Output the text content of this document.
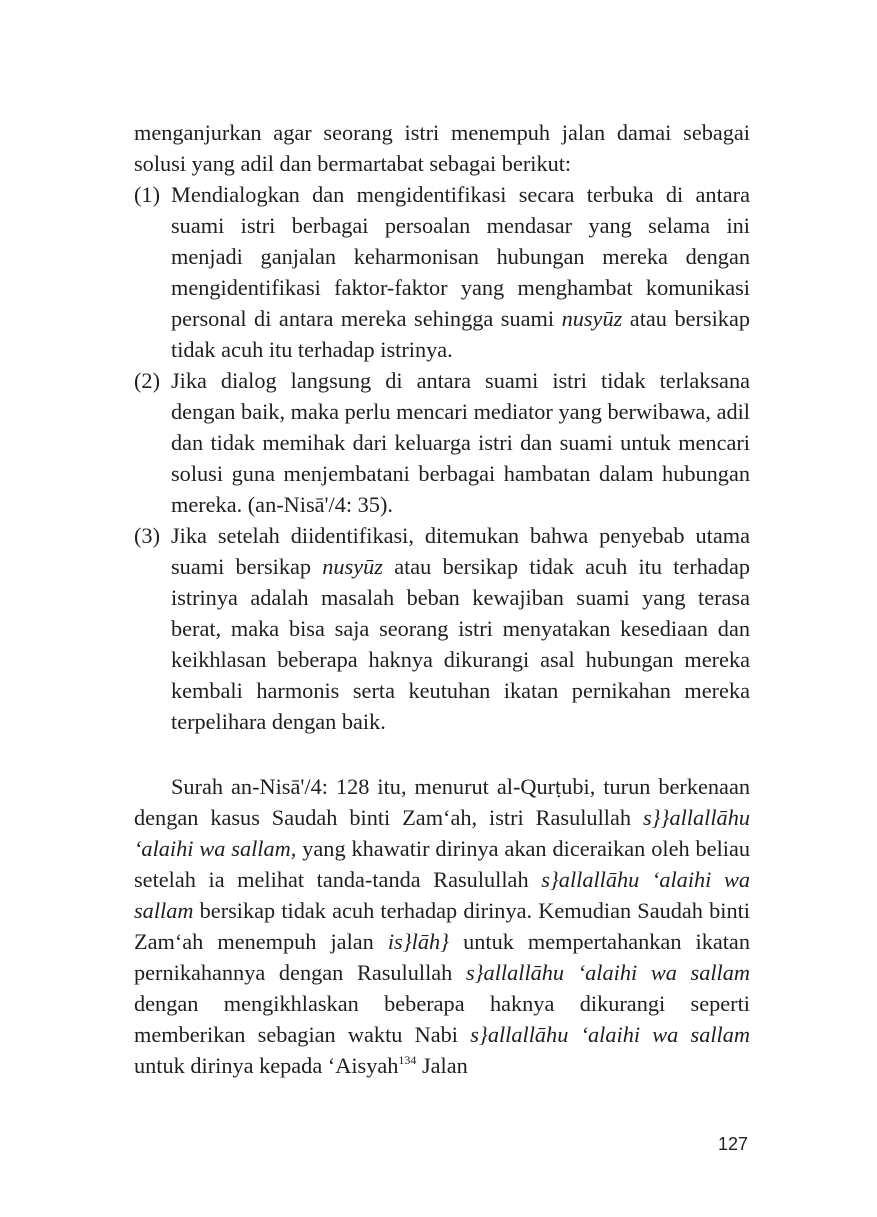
menganjurkan agar seorang istri menempuh jalan damai sebagai solusi yang adil dan bermartabat sebagai berikut:

(1) Mendialogkan dan mengidentifikasi secara terbuka di antara suami istri berbagai persoalan mendasar yang selama ini menjadi ganjalan keharmonisan hubungan mereka dengan mengidentifikasi faktor-faktor yang menghambat komunikasi personal di antara mereka sehingga suami nusyūz atau bersikap tidak acuh itu terhadap istrinya.

(2) Jika dialog langsung di antara suami istri tidak terlaksana dengan baik, maka perlu mencari mediator yang berwibawa, adil dan tidak memihak dari keluarga istri dan suami untuk mencari solusi guna menjembatani berbagai hambatan dalam hubungan mereka. (an-Nisā'/4: 35).

(3) Jika setelah diidentifikasi, ditemukan bahwa penyebab utama suami bersikap nusyūz atau bersikap tidak acuh itu terhadap istrinya adalah masalah beban kewajiban suami yang terasa berat, maka bisa saja seorang istri menyatakan kesediaan dan keikhlasan beberapa haknya dikurangi asal hubungan mereka kembali harmonis serta keutuhan ikatan pernikahan mereka terpelihara dengan baik.

Surah an-Nisā'/4: 128 itu, menurut al-Qurṭubi, turun berkenaan dengan kasus Saudah binti Zam‘ah, istri Rasulullah s}}allallāhu ‘alaihi wa sallam, yang khawatir dirinya akan diceraikan oleh beliau setelah ia melihat tanda-tanda Rasulullah s}allallāhu ‘alaihi wa sallam bersikap tidak acuh terhadap dirinya. Kemudian Saudah binti Zam‘ah menempuh jalan is}lāh} untuk mempertahankan ikatan pernikahannya dengan Rasulullah s}allallāhu ‘alaihi wa sallam dengan mengikhlaskan beberapa haknya dikurangi seperti memberikan sebagian waktu Nabi s}allallāhu ‘alaihi wa sallam untuk dirinya kepada ‘Aisyah$^{134}$ Jalan

127
